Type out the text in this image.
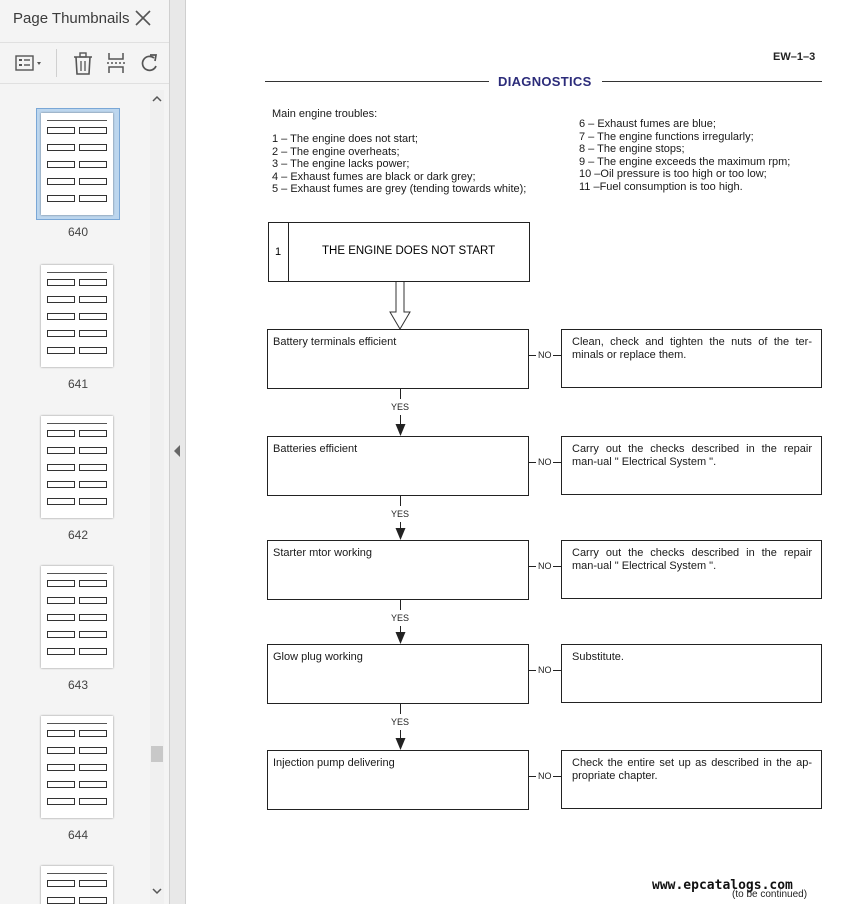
Page Thumbnails
640
641
642
643
644
EW–1–3
DIAGNOSTICS
Main engine troubles:
1 – The engine does not start;
2 – The engine overheats;
3 – The engine lacks power;
4 – Exhaust fumes are black or dark grey;
5 – Exhaust fumes are grey (tending towards white);
6 – Exhaust fumes are blue;
7 – The engine functions irregularly;
8 – The engine stops;
9 – The engine exceeds the maximum rpm;
10 –Oil pressure is too high or too low;
11 –Fuel consumption is too high.
1	THE ENGINE DOES NOT START
Battery terminals efficient
NO
Clean, check and tighten the nuts of the ter-minals or replace them.
YES
Batteries efficient
NO
Carry out the checks described in the repair man-ual " Electrical System ".
YES
Starter mtor working
NO
Carry out the checks described in the repair man-ual " Electrical System ".
YES
Glow plug working
NO
Substitute.
YES
Injection pump delivering
NO
Check the entire set up as described in the ap-propriate chapter.
www.epcatalogs.com
(to be continued)
